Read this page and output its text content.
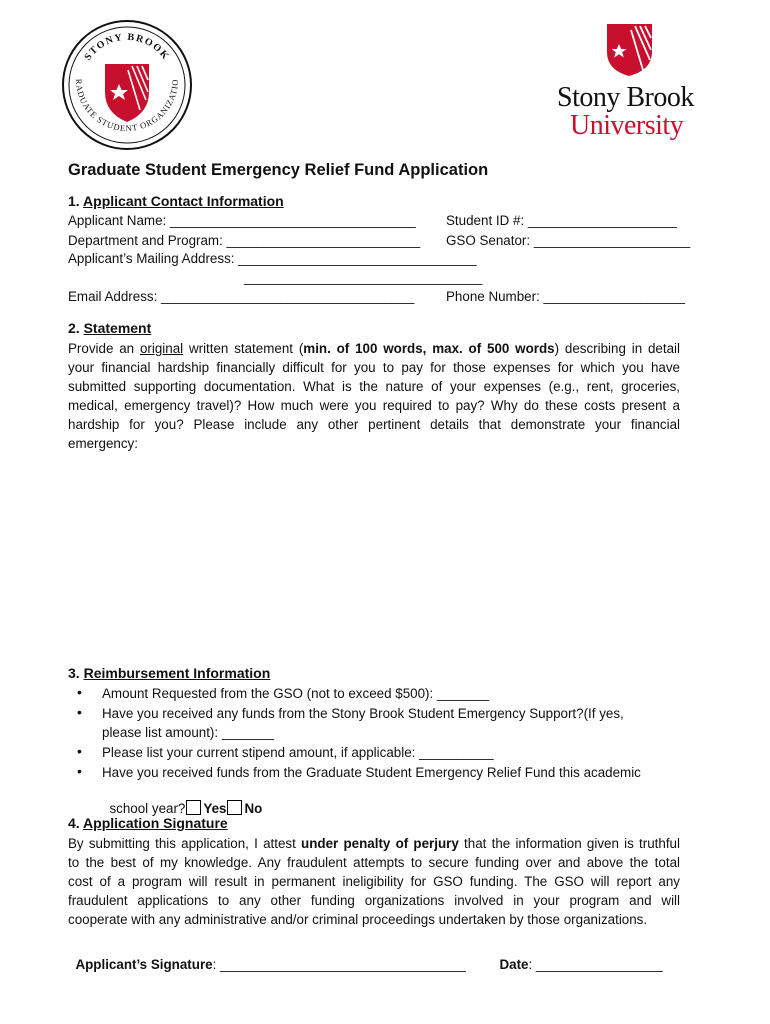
STONY BROOK
RADUATE STUDENT ORGANIZATIO	Stony Brook
University
Graduate Student Emergency Relief Fund Application
1. Applicant Contact Information
Applicant Name: _________________________________ Student ID #: ____________________
Department and Program: __________________________ GSO Senator: _____________________
Applicant’s Mailing Address: ________________________________
________________________________
Email Address: __________________________________ Phone Number: ___________________
2. Statement
Provide an original written statement (min. of 100 words, max. of 500 words) describing in detail
your financial hardship financially difficult for you to pay for those expenses for which you have
submitted supporting documentation. What is the nature of your expenses (e.g., rent, groceries,
medical, emergency travel)? How much were you required to pay? Why do these costs present a
hardship for you? Please include any other pertinent details that demonstrate your financial
emergency:
3. Reimbursement Information
• Amount Requested from the GSO (not to exceed $500): _______
• Have you received any funds from the Stony Brook Student Emergency Support?(If yes,
please list amount): _______
• Please list your current stipend amount, if applicable: __________
• Have you received funds from the Graduate Student Emergency Relief Fund this academic

school year? Yes No

4. Application Signature
By submitting this application, I attest under penalty of perjury that the information given is truthful
to the best of my knowledge. Any fraudulent attempts to secure funding over and above the total
cost of a program will result in permanent ineligibility for GSO funding. The GSO will report any
fraudulent applications to any other funding organizations involved in your program and will
cooperate with any administrative and/or criminal proceedings undertaken by those organizations.

Applicant’s Signature: _________________________________	Date: _________________
